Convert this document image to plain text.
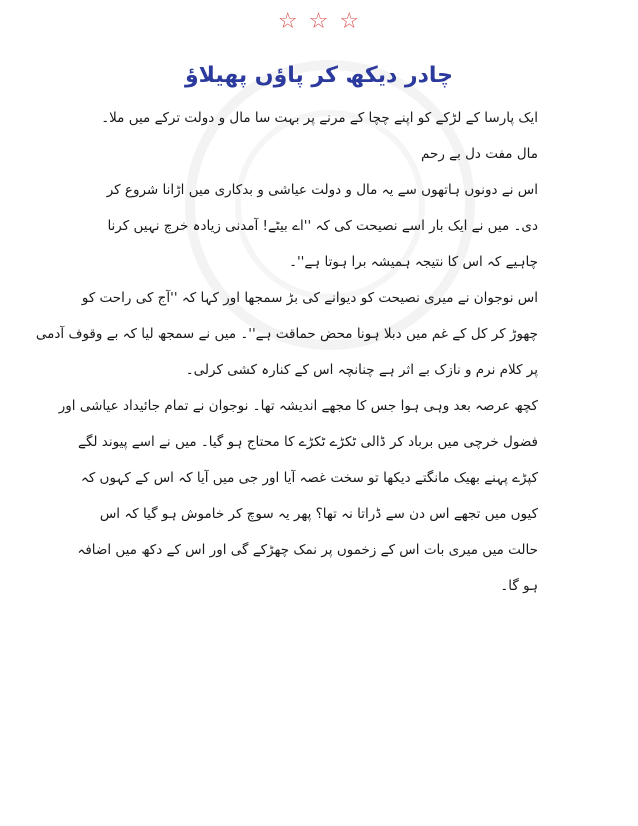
☆ ☆ ☆
چادر دیکھ کر پاؤں پھیلاؤ
ایک پارسا کے لڑکے کو اپنے چچا کے مرنے پر بہت سا مال و دولت ترکے میں ملا۔
مال مفت دل بے رحم
اس نے دونوں ہاتھوں سے یہ مال و دولت عیاشی و بدکاری میں اڑانا شروع کر
دی۔ میں نے ایک بار اسے نصیحت کی کہ ''اے بیٹے! آمدنی زیادہ خرچ نہیں کرنا
چاہیے کہ اس کا نتیجہ ہمیشہ برا ہوتا ہے''۔
اس نوجوان نے میری نصیحت کو دیوانے کی بڑ سمجھا اور کہا کہ ''آج کی راحت کو
چھوڑ کر کل کے غم میں دبلا ہونا محض حماقت ہے''۔ میں نے سمجھ لیا کہ بے وقوف آدمی
پر کلام نرم و نازک بے اثر ہے چنانچہ اس کے کنارہ کشی کرلی۔
کچھ عرصہ بعد وہی ہوا جس کا مجھے اندیشہ تھا۔ نوجوان نے تمام جائیداد عیاشی اور
فضول خرچی میں برباد کر ڈالی ٹکڑے ٹکڑے کا محتاج ہو گیا۔ میں نے اسے پیوند لگے
کپڑے پہنے بھیک مانگتے دیکھا تو سخت غصہ آیا اور جی میں آیا کہ اس کے کہوں کہ
کیوں میں تجھے اس دن سے ڈراتا نہ تھا؟ پھر یہ سوچ کر خاموش ہو گیا کہ اس
حالت میں میری بات اس کے زخموں پر نمک چھڑکے گی اور اس کے دکھ میں اضافہ
ہو گا۔
